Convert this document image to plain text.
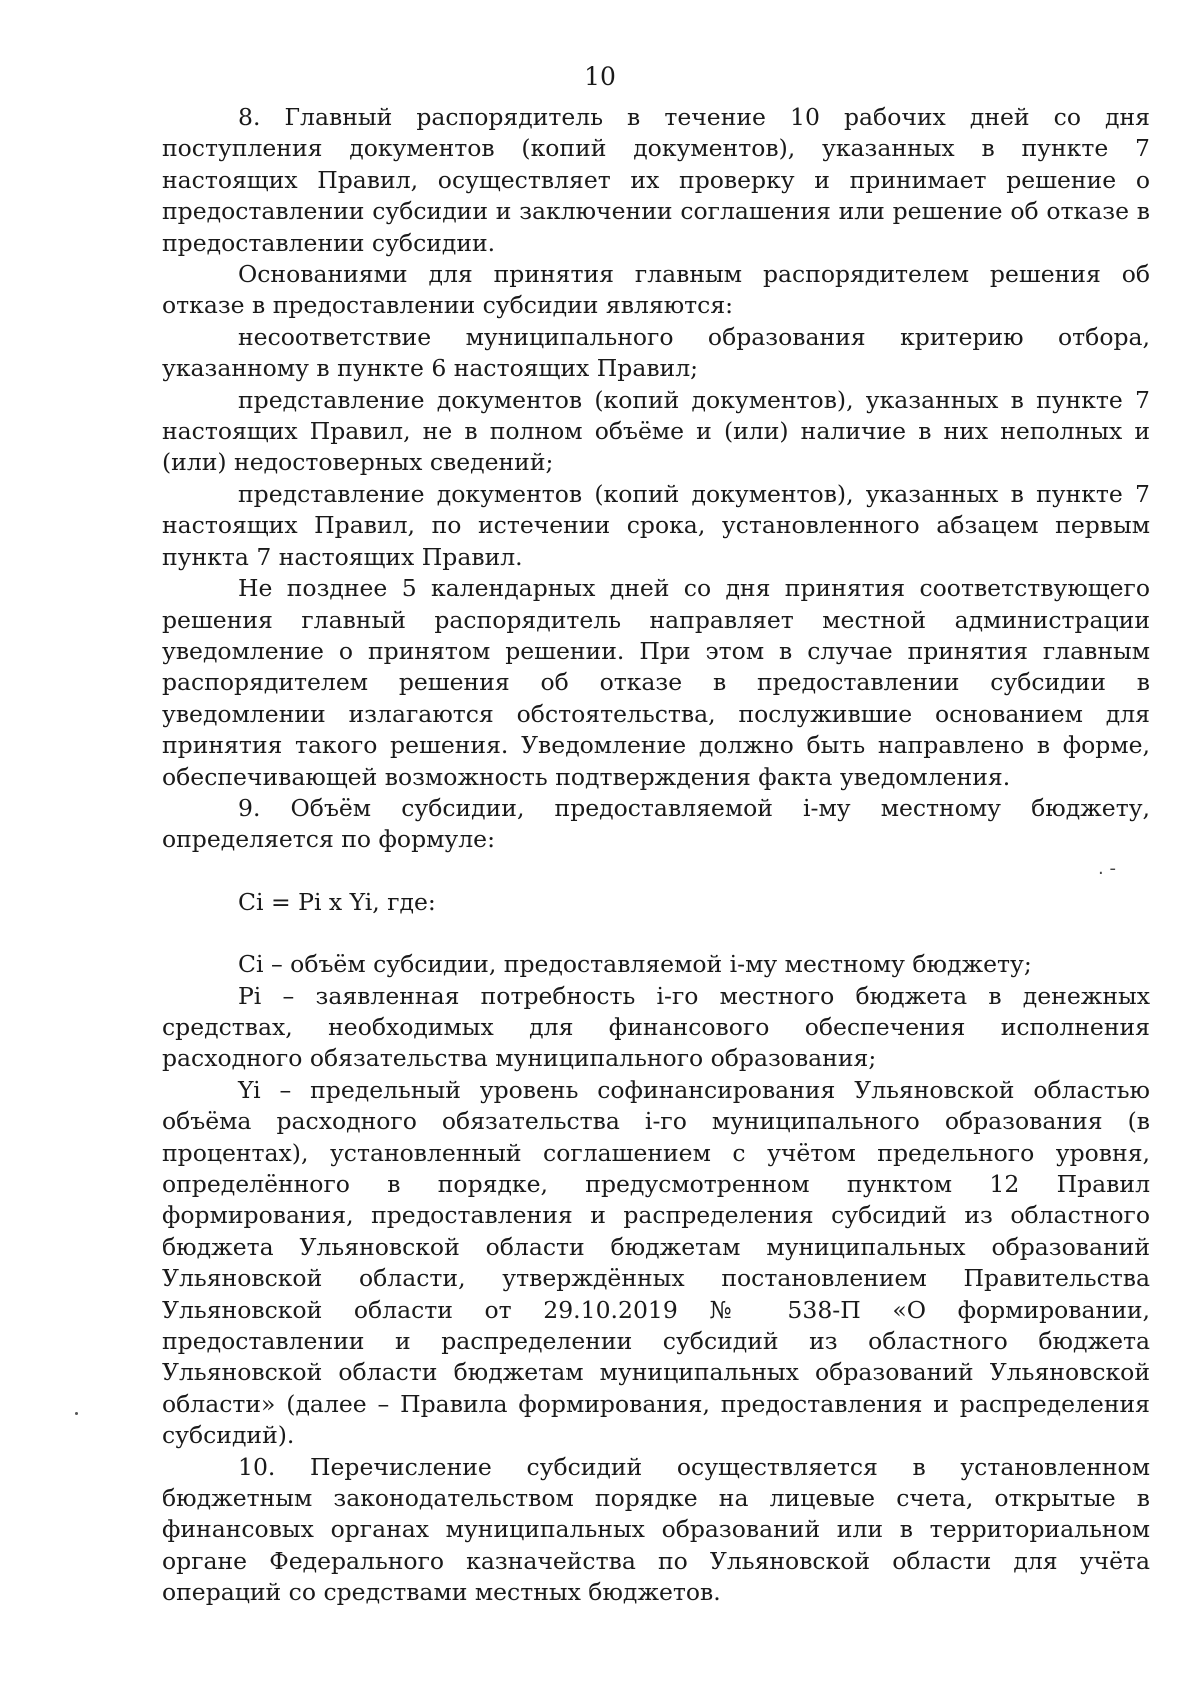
10
. -

8. Главный распорядитель в течение 10 рабочих дней со дня поступления документов (копий документов), указанных в пункте 7 настоящих Правил, осуществляет их проверку и принимает решение о предоставлении субсидии и заключении соглашения или решение об отказе в предоставлении субсидии.

Основаниями для принятия главным распорядителем решения об отказе в предоставлении субсидии являются:

несоответствие муниципального образования критерию отбора, указанному в пункте 6 настоящих Правил;

представление документов (копий документов), указанных в пункте 7 настоящих Правил, не в полном объёме и (или) наличие в них неполных и (или) недостоверных сведений;

представление документов (копий документов), указанных в пункте 7 настоящих Правил, по истечении срока, установленного абзацем первым пункта 7 настоящих Правил.

Не позднее 5 календарных дней со дня принятия соответствующего решения главный распорядитель направляет местной администрации уведомление о принятом решении. При этом в случае принятия главным распорядителем решения об отказе в предоставлении субсидии в уведомлении излагаются обстоятельства, послужившие основанием для принятия такого решения. Уведомление должно быть направлено в форме, обеспечивающей возможность подтверждения факта уведомления.

9. Объём субсидии, предоставляемой i-му местному бюджету, определяется по формуле:

Ci = Pi х Yi, где:

Ci – объём субсидии, предоставляемой i-му местному бюджету;

Pi – заявленная потребность i-го местного бюджета в денежных средствах, необходимых для финансового обеспечения исполнения расходного обязательства муниципального образования;

Yi – предельный уровень софинансирования Ульяновской областью объёма расходного обязательства i-го муниципального образования (в процентах), установленный соглашением с учётом предельного уровня, определённого в порядке, предусмотренном пунктом 12 Правил формирования, предоставления и распределения субсидий из областного бюджета Ульяновской области бюджетам муниципальных образований Ульяновской области, утверждённых постановлением Правительства Ульяновской области от 29.10.2019 № 538-П «О формировании, предоставлении и распределении субсидий из областного бюджета Ульяновской области бюджетам муниципальных образований Ульяновской области» (далее – Правила формирования, предоставления и распределения субсидий).

10. Перечисление субсидий осуществляется в установленном бюджетным законодательством порядке на лицевые счета, открытые в финансовых органах муниципальных образований или в территориальном органе Федерального казначейства по Ульяновской области для учёта операций со средствами местных бюджетов.
